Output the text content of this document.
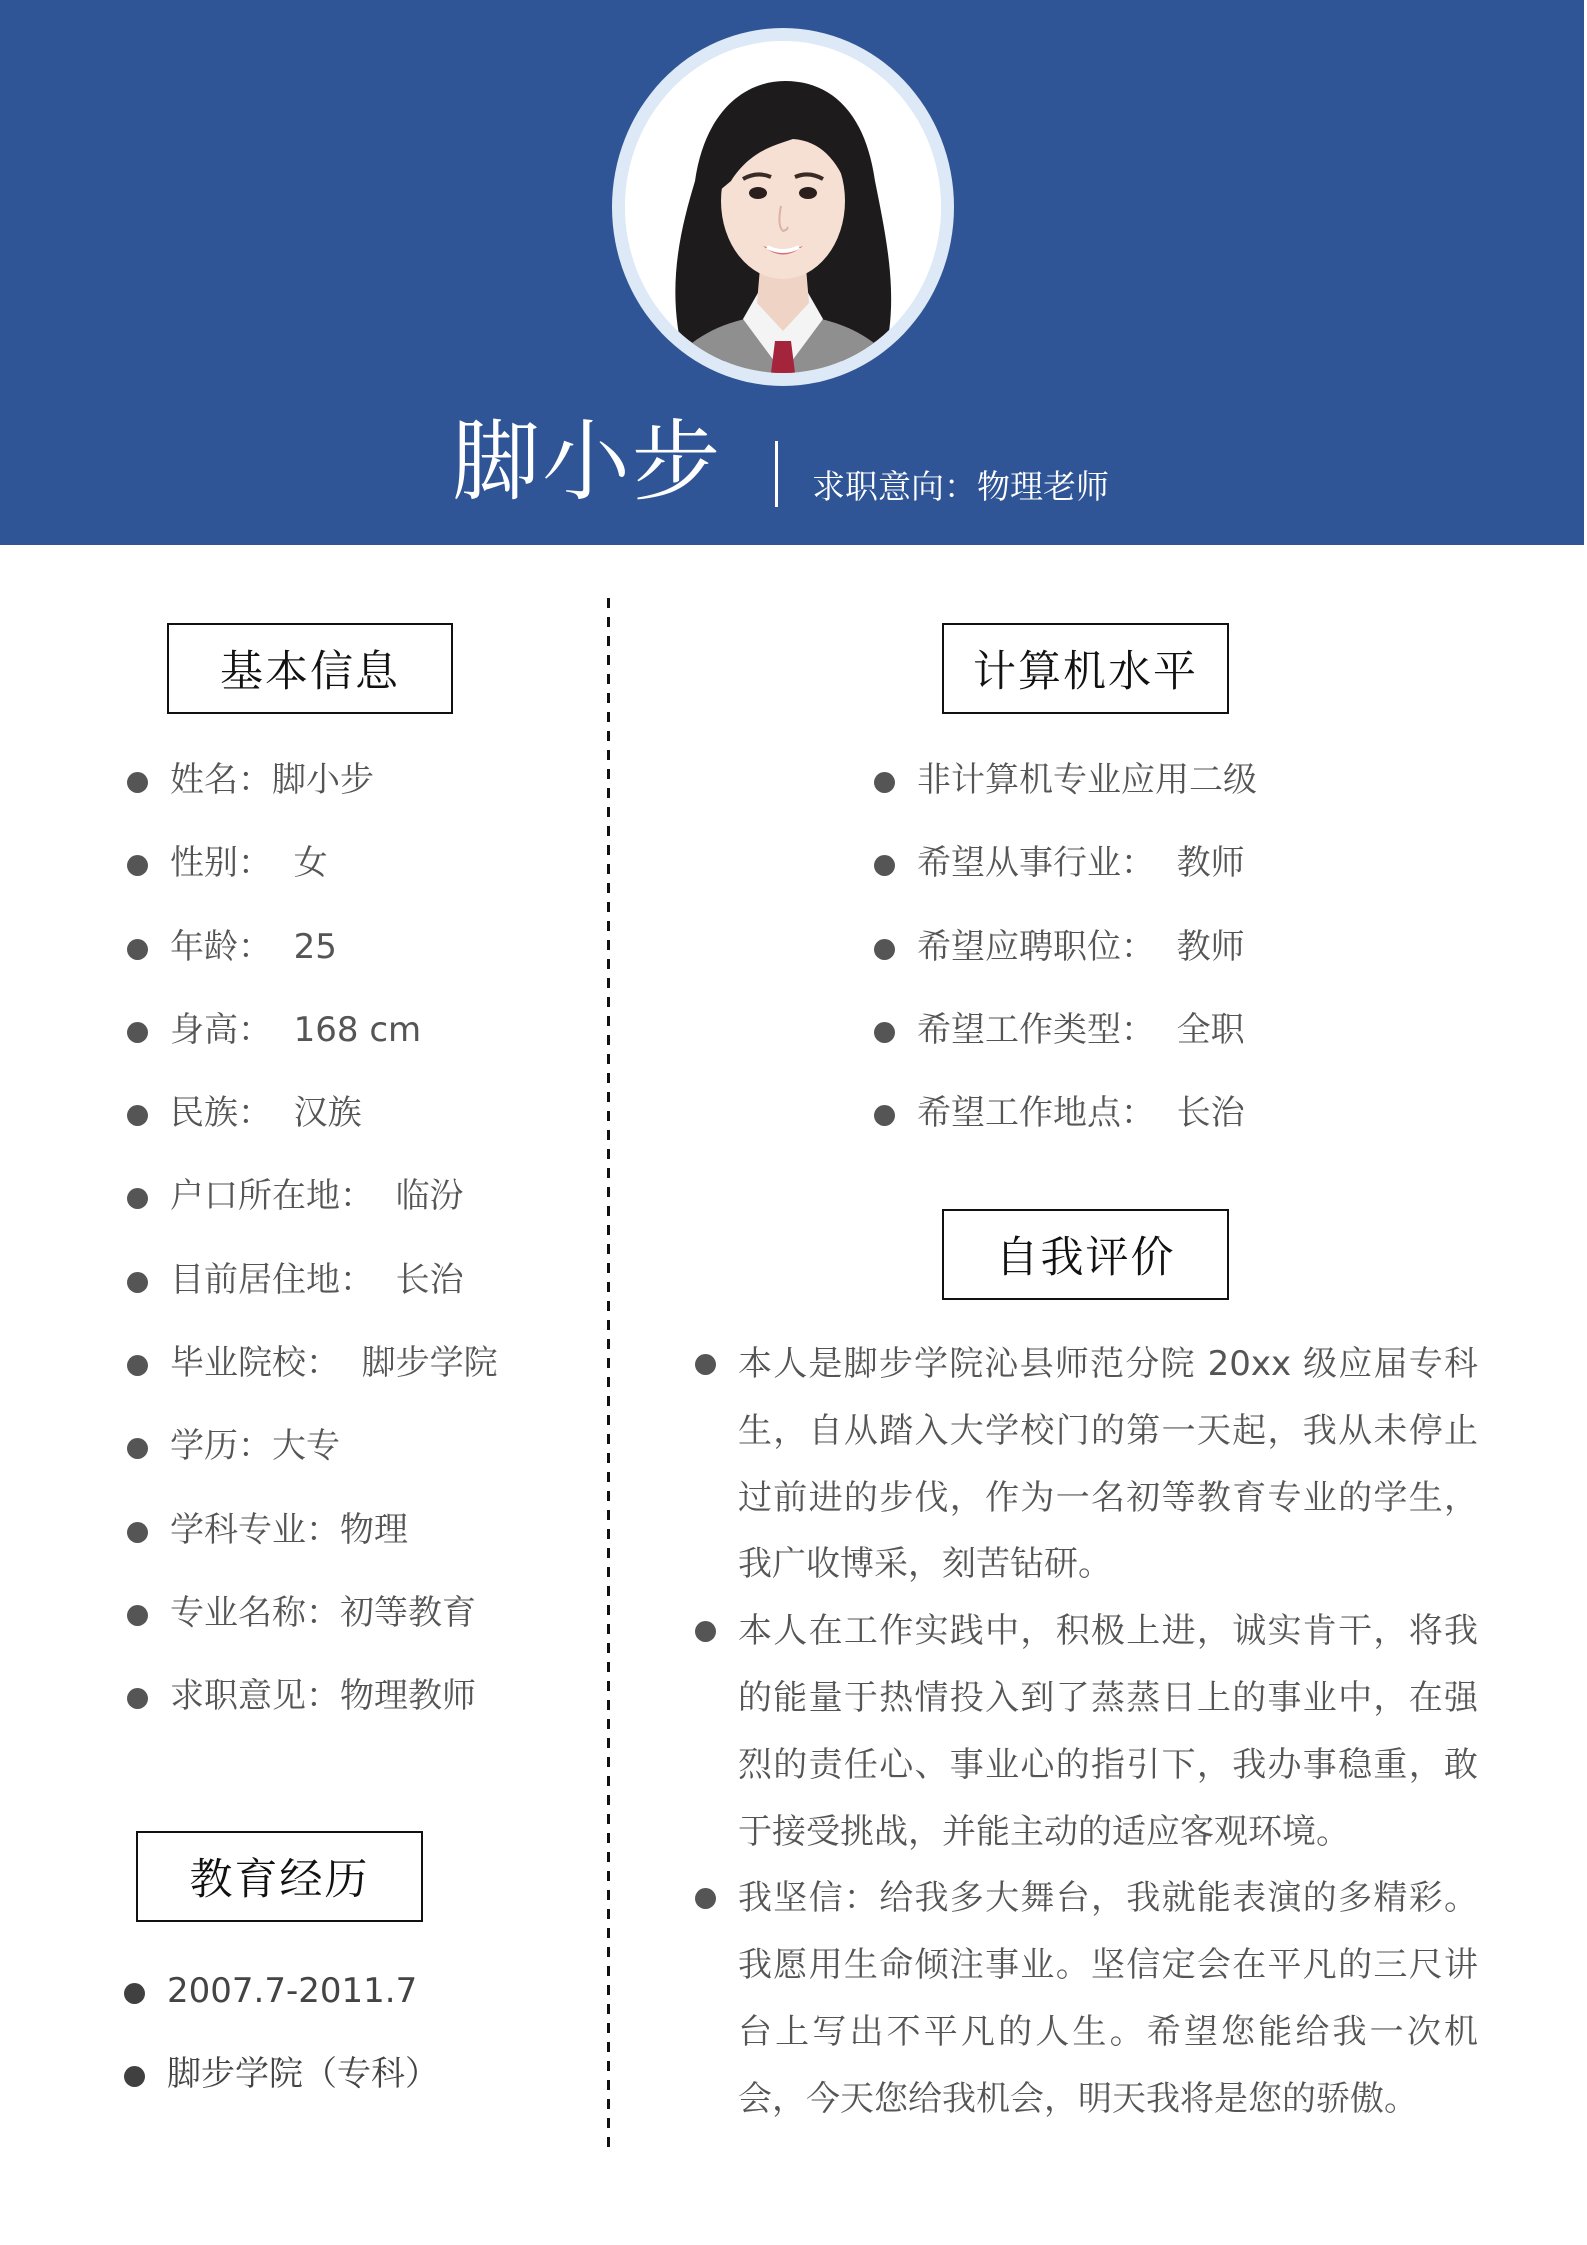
脚小步	求职意向：物理老师
基本信息
姓名：脚小步
性别：  女
年龄：  25
身高：  168 cm
民族：  汉族
户口所在地：  临汾
目前居住地：  长治
毕业院校：  脚步学院
学历：大专
学科专业：物理
专业名称：初等教育
求职意见：物理教师
教育经历
2007.7-2011.7
脚步学院（专科）
计算机水平
非计算机专业应用二级
希望从事行业：  教师
希望应聘职位：  教师
希望工作类型：  全职
希望工作地点：  长治
自我评价
本人是脚步学院沁县师范分院 20xx 级应届专科生，自从踏入大学校门的第一天起，我从未停止过前进的步伐，作为一名初等教育专业的学生，我广收博采，刻苦钻研。
本人在工作实践中，积极上进，诚实肯干，将我的能量于热情投入到了蒸蒸日上的事业中，在强烈的责任心、事业心的指引下，我办事稳重，敢于接受挑战，并能主动的适应客观环境。
我坚信：给我多大舞台，我就能表演的多精彩。我愿用生命倾注事业。坚信定会在平凡的三尺讲台上写出不平凡的人生。希望您能给我一次机会，今天您给我机会，明天我将是您的骄傲。
